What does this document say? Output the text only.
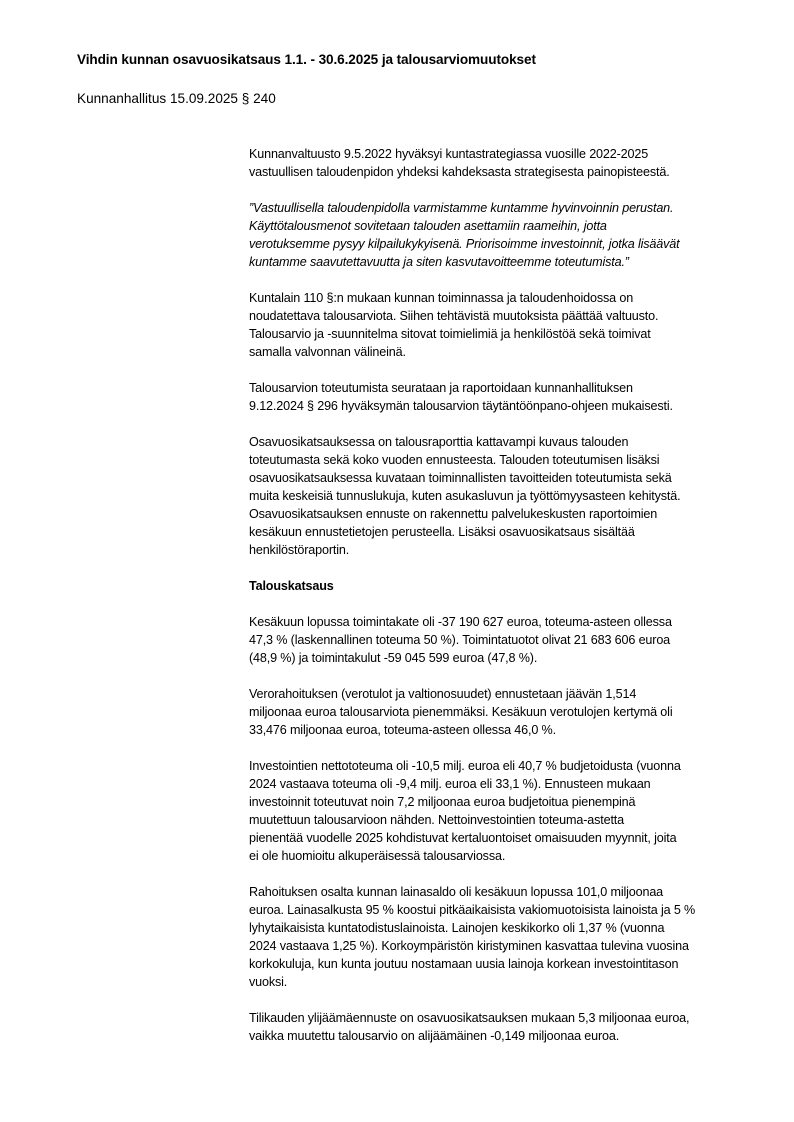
Vihdin kunnan osavuosikatsaus 1.1. - 30.6.2025 ja talousarviomuutokset

Kunnanhallitus 15.09.2025 § 240

Kunnanvaltuusto 9.5.2022 hyväksyi kuntastrategiassa vuosille 2022-2025
vastuullisen taloudenpidon yhdeksi kahdeksasta strategisesta painopisteestä.

”Vastuullisella taloudenpidolla varmistamme kuntamme hyvinvoinnin perustan.
Käyttötalousmenot sovitetaan talouden asettamiin raameihin, jotta
verotuksemme pysyy kilpailukykyisenä. Priorisoimme investoinnit, jotka lisäävät
kuntamme saavutettavuutta ja siten kasvutavoitteemme toteutumista.”

Kuntalain 110 §:n mukaan kunnan toiminnassa ja taloudenhoidossa on
noudatettava talousarviota. Siihen tehtävistä muutoksista päättää valtuusto.
Talousarvio ja -suunnitelma sitovat toimielimiä ja henkilöstöä sekä toimivat
samalla valvonnan välineinä.

Talousarvion toteutumista seurataan ja raportoidaan kunnanhallituksen
9.12.2024 § 296 hyväksymän talousarvion täytäntöönpano-ohjeen mukaisesti.

Osavuosikatsauksessa on talousraporttia kattavampi kuvaus talouden
toteutumasta sekä koko vuoden ennusteesta. Talouden toteutumisen lisäksi
osavuosikatsauksessa kuvataan toiminnallisten tavoitteiden toteutumista sekä
muita keskeisiä tunnuslukuja, kuten asukasluvun ja työttömyysasteen kehitystä.
Osavuosikatsauksen ennuste on rakennettu palvelukeskusten raportoimien
kesäkuun ennustetietojen perusteella. Lisäksi osavuosikatsaus sisältää
henkilöstöraportin.

Talouskatsaus

Kesäkuun lopussa toimintakate oli -37 190 627 euroa, toteuma-asteen ollessa
47,3 % (laskennallinen toteuma 50 %). Toimintatuotot olivat 21 683 606 euroa
(48,9 %) ja toimintakulut -59 045 599 euroa (47,8 %).

Verorahoituksen (verotulot ja valtionosuudet) ennustetaan jäävän 1,514
miljoonaa euroa talousarviota pienemmäksi. Kesäkuun verotulojen kertymä oli
33,476 miljoonaa euroa, toteuma-asteen ollessa 46,0 %.

Investointien nettototeuma oli -10,5 milj. euroa eli 40,7 % budjetoidusta (vuonna
2024 vastaava toteuma oli -9,4 milj. euroa eli 33,1 %). Ennusteen mukaan
investoinnit toteutuvat noin 7,2 miljoonaa euroa budjetoitua pienempinä
muutettuun talousarvioon nähden. Nettoinvestointien toteuma-astetta
pienentää vuodelle 2025 kohdistuvat kertaluontoiset omaisuuden myynnit, joita
ei ole huomioitu alkuperäisessä talousarviossa.

Rahoituksen osalta kunnan lainasaldo oli kesäkuun lopussa 101,0 miljoonaa
euroa. Lainasalkusta 95 % koostui pitkäaikaisista vakiomuotoisista lainoista ja 5 %
lyhytaikaisista kuntatodistuslainoista. Lainojen keskikorko oli 1,37 % (vuonna
2024 vastaava 1,25 %). Korkoympäristön kiristyminen kasvattaa tulevina vuosina
korkokuluja, kun kunta joutuu nostamaan uusia lainoja korkean investointitason
vuoksi.

Tilikauden ylijäämäennuste on osavuosikatsauksen mukaan 5,3 miljoonaa euroa,
vaikka muutettu talousarvio on alijäämäinen -0,149 miljoonaa euroa.
